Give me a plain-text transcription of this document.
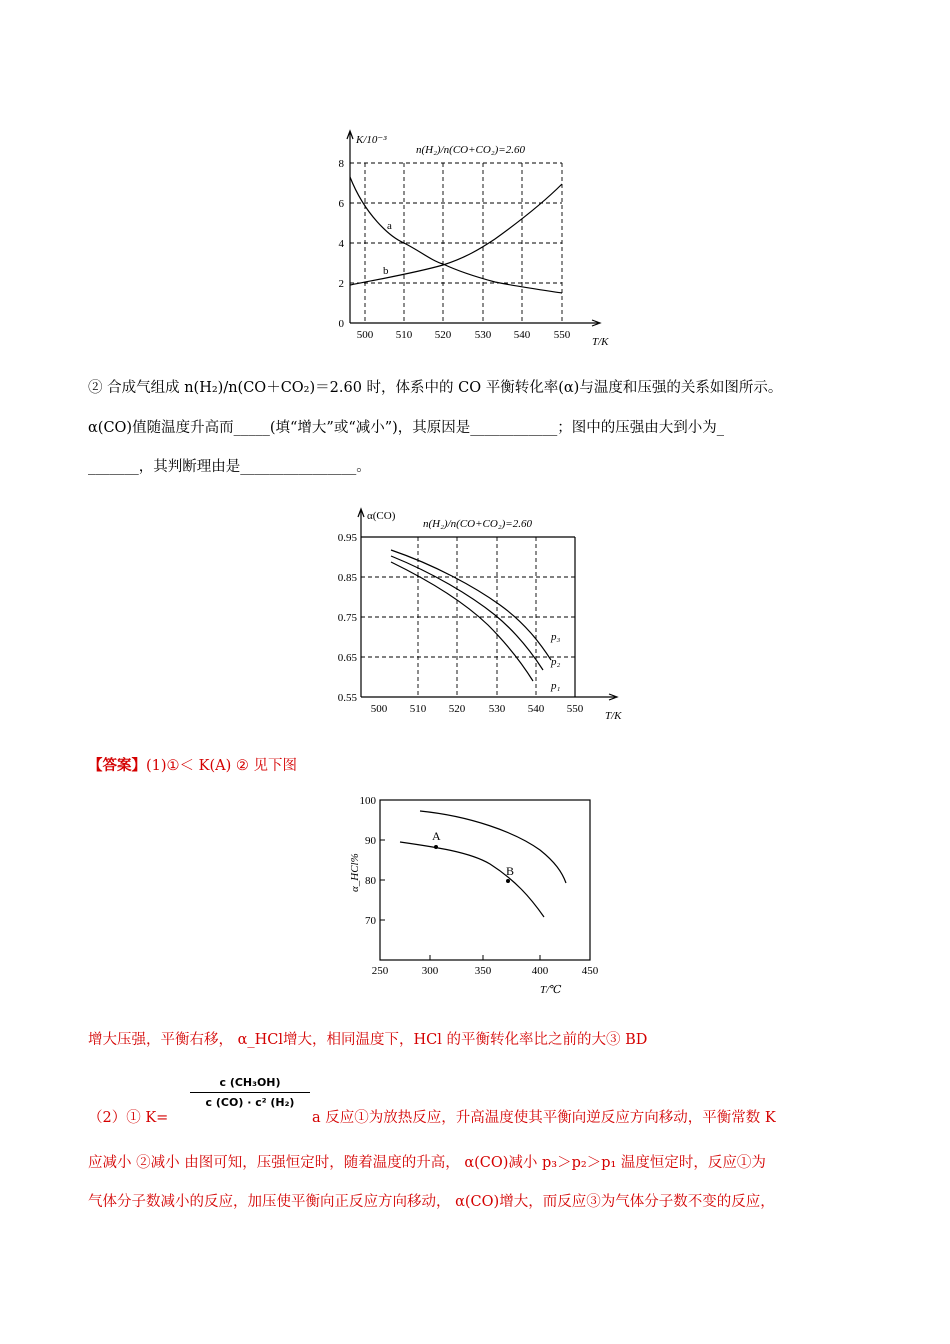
K/10⁻³
n(H₂)/n(CO+CO₂)=2.60
a
b
8
6
4
2
0
500 510 520 530 540 550
T/K
② 合成气组成 n(H₂)/n(CO＋CO₂)＝2.60 时，体系中的 CO 平衡转化率(α)与温度和压强的关系如图所示。
α(CO)值随温度升高而_____(填“增大”或“减小”)，其原因是____________；图中的压强由大到小为_
_______，其判断理由是________________。
α(CO)
n(H₂)/n(CO+CO₂)=2.60
p₃
p₂
p₁
0.95
0.85
0.75
0.65
0.55
500 510 520 530 540 550
T/K
【答案】(1)①＜ K(A) ② 见下图
A
B
100
90
80
70
250	300	350	400	450
α_HCl%
T/℃
增大压强，平衡右移， α_HCl增大，相同温度下，HCl 的平衡转化率比之前的大③ BD
c (CH₃OH)
c (CO) · c² (H₂)
（2）① K=	a 反应①为放热反应，升高温度使其平衡向逆反应方向移动，平衡常数 K
应减小 ②减小 由图可知，压强恒定时，随着温度的升高， α(CO)减小 p₃＞p₂＞p₁ 温度恒定时，反应①为
气体分子数减小的反应，加压使平衡向正反应方向移动， α(CO)增大，而反应③为气体分子数不变的反应，
